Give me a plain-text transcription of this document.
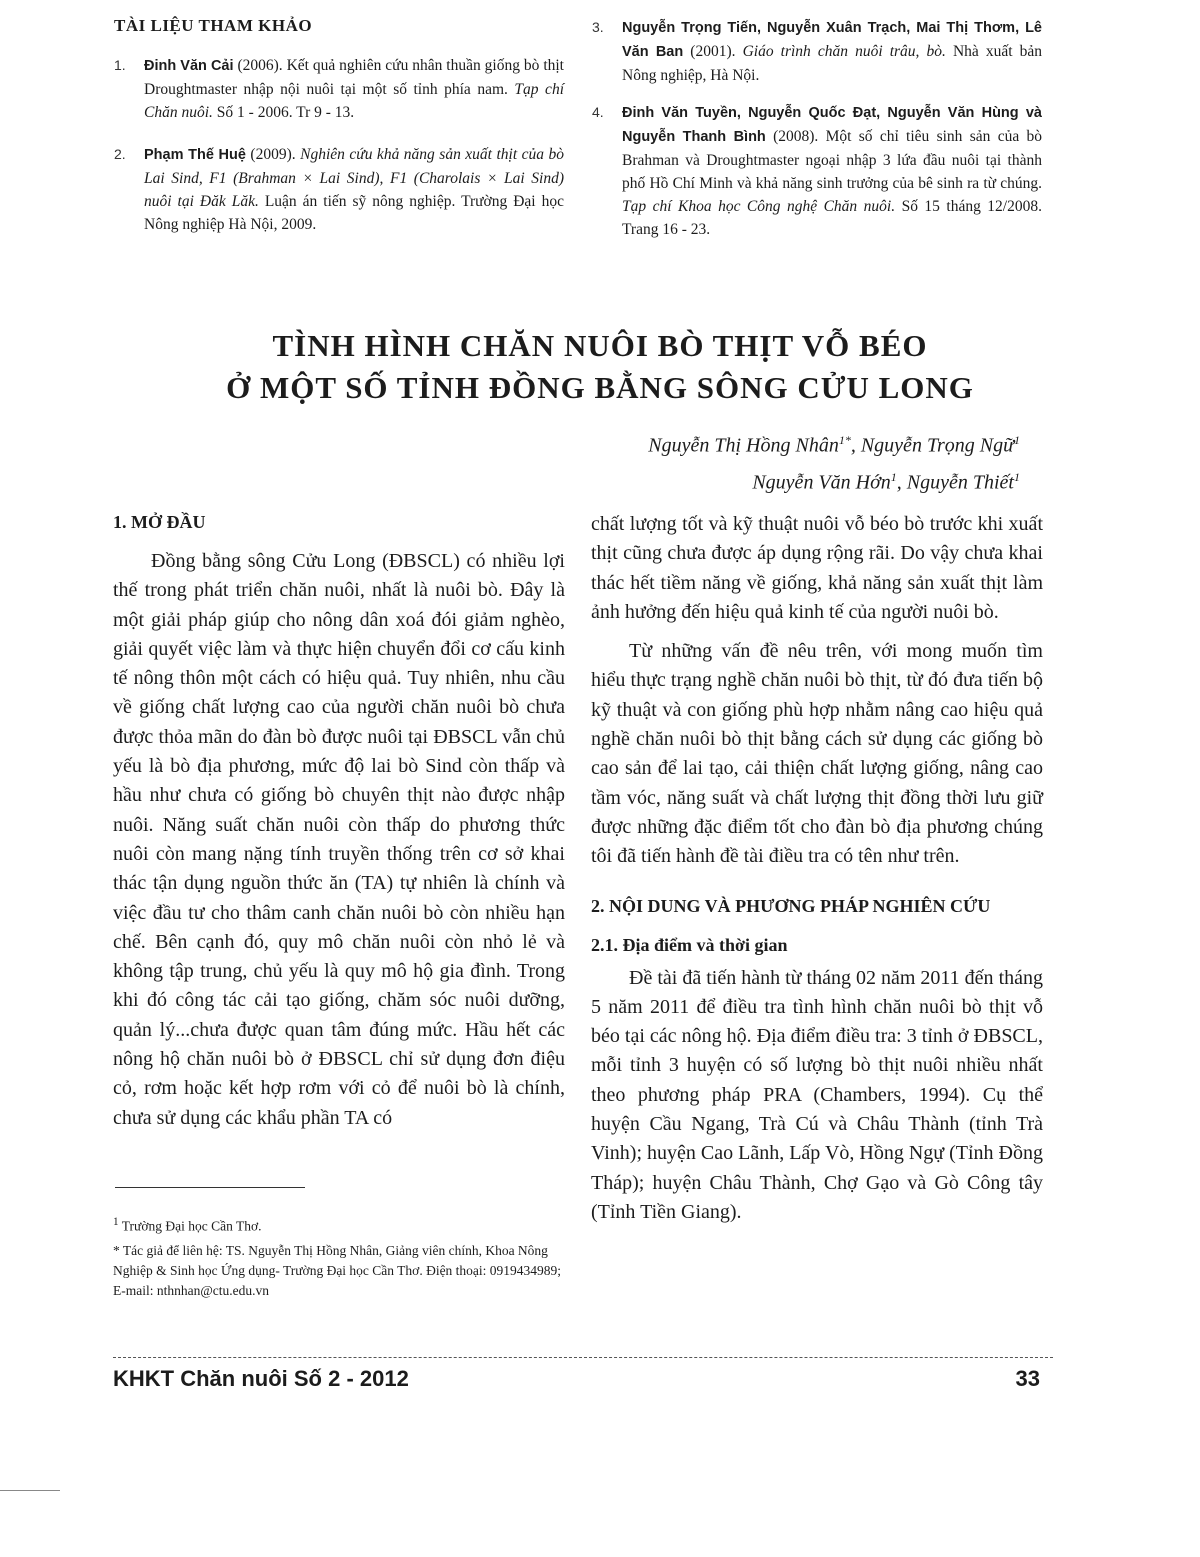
TÀI LIỆU THAM KHẢO
1.	Đinh Văn Cải (2006). Kết quả nghiên cứu nhân thuần giống bò thịt Droughtmaster nhập nội nuôi tại một số tỉnh phía nam. Tạp chí Chăn nuôi. Số 1 - 2006. Tr 9 - 13.
2.	Phạm Thế Huệ (2009). Nghiên cứu khả năng sản xuất thịt của bò Lai Sind, F1 (Brahman × Lai Sind), F1 (Charolais × Lai Sind) nuôi tại Đăk Lăk. Luận án tiến sỹ nông nghiệp. Trường Đại học Nông nghiệp Hà Nội, 2009.
3.	Nguyễn Trọng Tiến, Nguyễn Xuân Trạch, Mai Thị Thơm, Lê Văn Ban (2001). Giáo trình chăn nuôi trâu, bò. Nhà xuất bản Nông nghiệp, Hà Nội.
4.	Đinh Văn Tuyền, Nguyễn Quốc Đạt, Nguyễn Văn Hùng và Nguyễn Thanh Bình (2008). Một số chỉ tiêu sinh sản của bò Brahman và Droughtmaster ngoại nhập 3 lứa đầu nuôi tại thành phố Hồ Chí Minh và khả năng sinh trưởng của bê sinh ra từ chúng. Tạp chí Khoa học Công nghệ Chăn nuôi. Số 15 tháng 12/2008. Trang 16 - 23.
TÌNH HÌNH CHĂN NUÔI BÒ THỊT VỖ BÉO
Ở MỘT SỐ TỈNH ĐỒNG BẰNG SÔNG CỬU LONG
Nguyễn Thị Hồng Nhân$^{1*}$, Nguyễn Trọng Ngữ$^1$
Nguyễn Văn Hớn$^1$, Nguyễn Thiết$^1$
1. MỞ ĐẦU

Đồng bằng sông Cửu Long (ĐBSCL) có nhiều lợi thế trong phát triển chăn nuôi, nhất là nuôi bò. Đây là một giải pháp giúp cho nông dân xoá đói giảm nghèo, giải quyết việc làm và thực hiện chuyển đổi cơ cấu kinh tế nông thôn một cách có hiệu quả. Tuy nhiên, nhu cầu về giống chất lượng cao của người chăn nuôi bò chưa được thỏa mãn do đàn bò được nuôi tại ĐBSCL vẫn chủ yếu là bò địa phương, mức độ lai bò Sind còn thấp và hầu như chưa có giống bò chuyên thịt nào được nhập nuôi. Năng suất chăn nuôi còn thấp do phương thức nuôi còn mang nặng tính truyền thống trên cơ sở khai thác tận dụng nguồn thức ăn (TA) tự nhiên là chính và việc đầu tư cho thâm canh chăn nuôi bò còn nhiều hạn chế. Bên cạnh đó, quy mô chăn nuôi còn nhỏ lẻ và không tập trung, chủ yếu là quy mô hộ gia đình. Trong khi đó công tác cải tạo giống, chăm sóc nuôi dưỡng, quản lý...chưa được quan tâm đúng mức. Hầu hết các nông hộ chăn nuôi bò ở ĐBSCL chỉ sử dụng đơn điệu cỏ, rơm hoặc kết hợp rơm với cỏ để nuôi bò là chính, chưa sử dụng các khẩu phần TA có

chất lượng tốt và kỹ thuật nuôi vỗ béo bò trước khi xuất thịt cũng chưa được áp dụng rộng rãi. Do vậy chưa khai thác hết tiềm năng về giống, khả năng sản xuất thịt làm ảnh hưởng đến hiệu quả kinh tế của người nuôi bò.

Từ những vấn đề nêu trên, với mong muốn tìm hiểu thực trạng nghề chăn nuôi bò thịt, từ đó đưa tiến bộ kỹ thuật và con giống phù hợp nhằm nâng cao hiệu quả nghề chăn nuôi bò thịt bằng cách sử dụng các giống bò cao sản để lai tạo, cải thiện chất lượng giống, nâng cao tầm vóc, năng suất và chất lượng thịt đồng thời lưu giữ được những đặc điểm tốt cho đàn bò địa phương chúng tôi đã tiến hành đề tài điều tra có tên như trên.

2. NỘI DUNG VÀ PHƯƠNG PHÁP NGHIÊN CỨU
2.1. Địa điểm và thời gian

Đề tài đã tiến hành từ tháng 02 năm 2011 đến tháng 5 năm 2011 để điều tra tình hình chăn nuôi bò thịt vỗ béo tại các nông hộ. Địa điểm điều tra: 3 tỉnh ở ĐBSCL, mỗi tỉnh 3 huyện có số lượng bò thịt nuôi nhiều nhất theo phương pháp PRA (Chambers, 1994). Cụ thể huyện Cầu Ngang, Trà Cú và Châu Thành (tỉnh Trà Vinh); huyện Cao Lãnh, Lấp Vò, Hồng Ngự (Tỉnh Đồng Tháp); huyện Châu Thành, Chợ Gạo và Gò Công tây (Tỉnh Tiền Giang).

$^1$ Trường Đại học Cần Thơ.

* Tác giả để liên hệ: TS. Nguyễn Thị Hồng Nhân, Giảng viên chính, Khoa Nông Nghiệp & Sinh học Ứng dụng- Trường Đại học Cần Thơ. Điện thoại: 0919434989; E-mail: nthnhan@ctu.edu.vn

KHKT Chăn nuôi Số 2 - 2012	33
